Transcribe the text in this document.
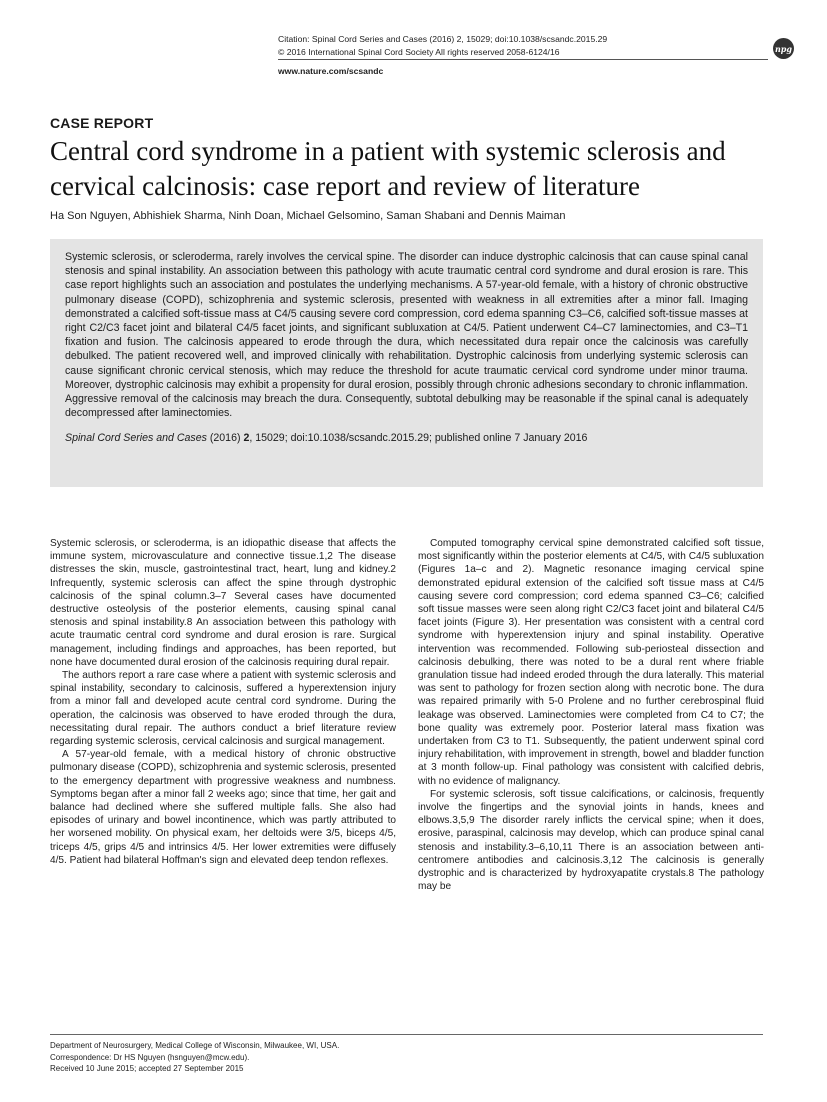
Citation: Spinal Cord Series and Cases (2016) 2, 15029; doi:10.1038/scsandc.2015.29
© 2016 International Spinal Cord Society All rights reserved 2058-6124/16
www.nature.com/scsandc
npg
CASE REPORT
Central cord syndrome in a patient with systemic sclerosis and cervical calcinosis: case report and review of literature
Ha Son Nguyen, Abhishiek Sharma, Ninh Doan, Michael Gelsomino, Saman Shabani and Dennis Maiman

Systemic sclerosis, or scleroderma, rarely involves the cervical spine. The disorder can induce dystrophic calcinosis that can cause spinal canal stenosis and spinal instability. An association between this pathology with acute traumatic central cord syndrome and dural erosion is rare. This case report highlights such an association and postulates the underlying mechanisms. A 57-year-old female, with a history of chronic obstructive pulmonary disease (COPD), schizophrenia and systemic sclerosis, presented with weakness in all extremities after a minor fall. Imaging demonstrated a calcified soft-tissue mass at C4/5 causing severe cord compression, cord edema spanning C3–C6, calcified soft-tissue masses at right C2/C3 facet joint and bilateral C4/5 facet joints, and significant subluxation at C4/5. Patient underwent C4–C7 laminectomies, and C3–T1 fixation and fusion. The calcinosis appeared to erode through the dura, which necessitated dura repair once the calcinosis was carefully debulked. The patient recovered well, and improved clinically with rehabilitation. Dystrophic calcinosis from underlying systemic sclerosis can cause significant chronic cervical stenosis, which may reduce the threshold for acute traumatic cervical cord syndrome under minor trauma. Moreover, dystrophic calcinosis may exhibit a propensity for dural erosion, possibly through chronic adhesions secondary to chronic inflammation. Aggressive removal of the calcinosis may breach the dura. Consequently, subtotal debulking may be reasonable if the spinal canal is adequately decompressed after laminectomies.

Spinal Cord Series and Cases (2016) 2, 15029; doi:10.1038/scsandc.2015.29; published online 7 January 2016

Systemic sclerosis, or scleroderma, is an idiopathic disease that affects the immune system, microvasculature and connective tissue.1,2 The disease distresses the skin, muscle, gastrointestinal tract, heart, lung and kidney.2 Infrequently, systemic sclerosis can affect the spine through dystrophic calcinosis of the spinal column.3–7 Several cases have documented destructive osteolysis of the posterior elements, causing spinal canal stenosis and spinal instability.8 An association between this pathology with acute traumatic central cord syndrome and dural erosion is rare. Surgical management, including findings and approaches, has been reported, but none have documented dural erosion of the calcinosis requiring dural repair.

The authors report a rare case where a patient with systemic sclerosis and spinal instability, secondary to calcinosis, suffered a hyperextension injury from a minor fall and developed acute central cord syndrome. During the operation, the calcinosis was observed to have eroded through the dura, necessitating dural repair. The authors conduct a brief literature review regarding systemic sclerosis, cervical calcinosis and surgical management.

A 57-year-old female, with a medical history of chronic obstructive pulmonary disease (COPD), schizophrenia and systemic sclerosis, presented to the emergency department with progressive weakness and numbness. Symptoms began after a minor fall 2 weeks ago; since that time, her gait and balance had declined where she suffered multiple falls. She also had episodes of urinary and bowel incontinence, which was partly attributed to her worsened mobility. On physical exam, her deltoids were 3/5, biceps 4/5, triceps 4/5, grips 4/5 and intrinsics 4/5. Her lower extremities were diffusely 4/5. Patient had bilateral Hoffman's sign and elevated deep tendon reflexes.

Computed tomography cervical spine demonstrated calcified soft tissue, most significantly within the posterior elements at C4/5, with C4/5 subluxation (Figures 1a–c and 2). Magnetic resonance imaging cervical spine demonstrated epidural extension of the calcified soft tissue mass at C4/5 causing severe cord compression; cord edema spanned C3–C6; calcified soft tissue masses were seen along right C2/C3 facet joint and bilateral C4/5 facet joints (Figure 3). Her presentation was consistent with a central cord syndrome with hyperextension injury and spinal instability. Operative intervention was recommended. Following sub-periosteal dissection and calcinosis debulking, there was noted to be a dural rent where friable granulation tissue had indeed eroded through the dura laterally. This material was sent to pathology for frozen section along with necrotic bone. The dura was repaired primarily with 5-0 Prolene and no further cerebrospinal fluid leakage was observed. Laminectomies were completed from C4 to C7; the bone quality was extremely poor. Posterior lateral mass fixation was undertaken from C3 to T1. Subsequently, the patient underwent spinal cord injury rehabilitation, with improvement in strength, bowel and bladder function at 3 month follow-up. Final pathology was consistent with calcified debris, with no evidence of malignancy.

For systemic sclerosis, soft tissue calcifications, or calcinosis, frequently involve the fingertips and the synovial joints in hands, knees and elbows.3,5,9 The disorder rarely inflicts the cervical spine; when it does, erosive, paraspinal, calcinosis may develop, which can produce spinal canal stenosis and instability.3–6,10,11 There is an association between anti-centromere antibodies and calcinosis.3,12 The calcinosis is generally dystrophic and is characterized by hydroxyapatite crystals.8 The pathology may be

Department of Neurosurgery, Medical College of Wisconsin, Milwaukee, WI, USA.
Correspondence: Dr HS Nguyen (hsnguyen@mcw.edu).
Received 10 June 2015; accepted 27 September 2015
